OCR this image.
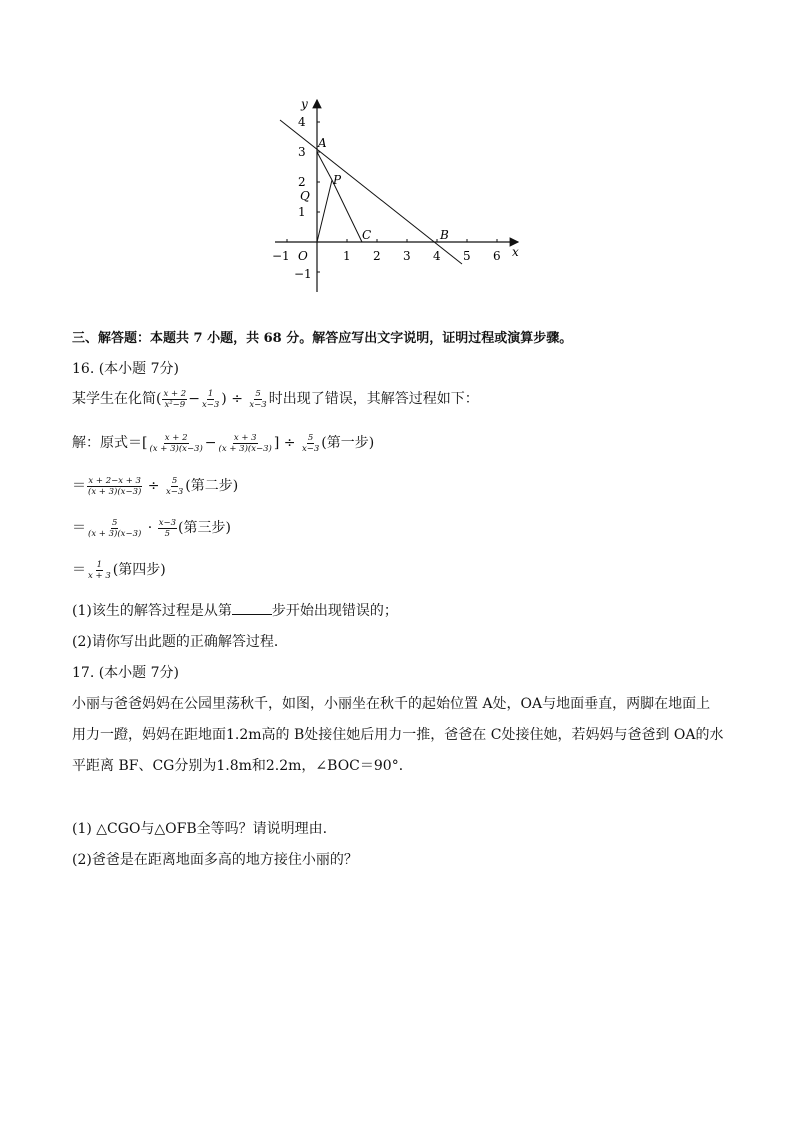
y
x
O
−1	1 2 3 4 5 6
4
3
2
1
−1
A
P
Q
C	B
三、解答题：本题共 7 小题，共 68 分。解答应写出文字说明，证明过程或演算步骤。
16. (本小题 7分)
某学生在化简( $\frac{x + 2}{\text{x²−9}} - \frac{1}{x-3}$ ) ÷ $\frac{5}{x-3}$ 时出现了错误，其解答过程如下：
解：原式＝[ $\frac{x + 2}{(x + 3)(x-3)} - \frac{x + 3}{(x + 3)(x-3)}$ ] ÷ $\frac{5}{x-3}$ (第一步)
＝ $\frac{x + 2-x + 3}{(x + 3)(x-3)} \div \frac{5}{x-3}$ (第二步)
＝ $\frac{5}{(x + 3)(x-3)} \cdot \frac{x-3}{5}$ (第三步)
＝ $\frac{1}{x + 3}$ (第四步)
(1)该生的解答过程是从第	步开始出现错误的；
(2)请你写出此题的正确解答过程．
17. (本小题 7分)
小丽与爸爸妈妈在公园里荡秋千，如图，小丽坐在秋千的起始位置 A处，OA与地面垂直，两脚在地面上
用力一蹬，妈妈在距地面1.2m高的 B处接住她后用力一推，爸爸在 C处接住她，若妈妈与爸爸到 OA的水
平距离 BF、CG分别为1.8m和2.2m，∠BOC＝90°．
(1) △CGO与△OFB全等吗？请说明理由.
(2)爸爸是在距离地面多高的地方接住小丽的？
